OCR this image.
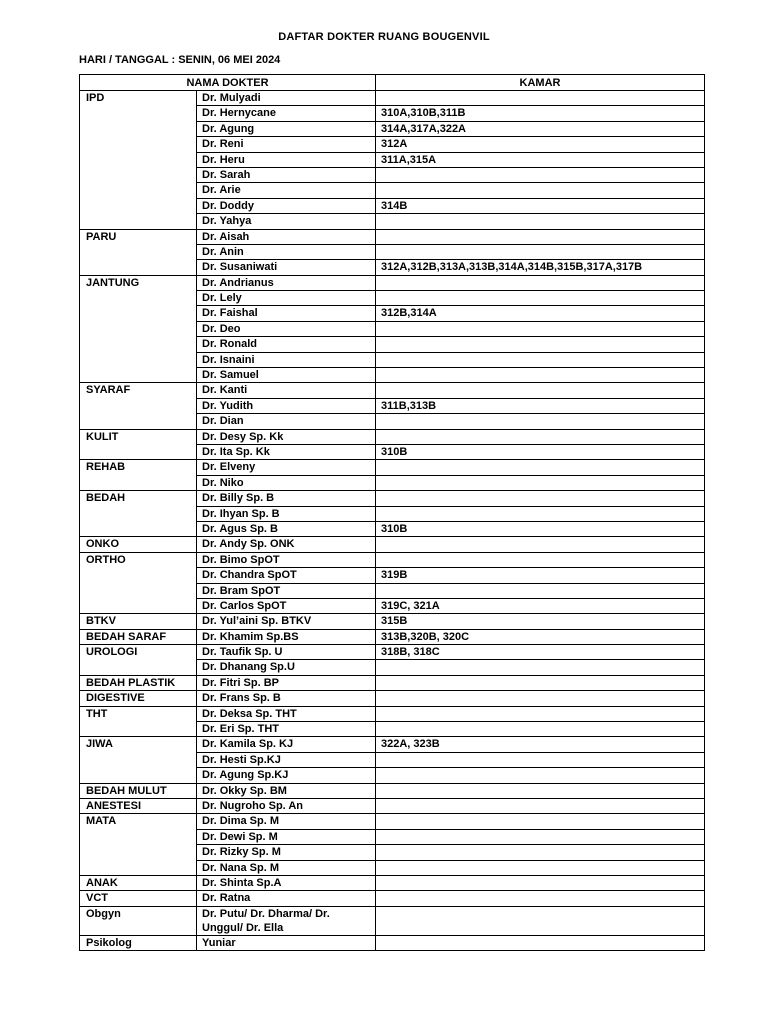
DAFTAR DOKTER RUANG BOUGENVIL
HARI / TANGGAL : SENIN, 06 MEI 2024
NAMA DOKTER		KAMAR
IPD	Dr. Mulyadi	
	Dr. Hernycane	310A,310B,311B
	Dr. Agung	314A,317A,322A
	Dr. Reni	312A
	Dr. Heru	311A,315A
	Dr. Sarah	
	Dr. Arie	
	Dr. Doddy	314B
	Dr. Yahya	
PARU	Dr. Aisah	
	Dr. Anin	
	Dr. Susaniwati	312A,312B,313A,313B,314A,314B,315B,317A,317B
JANTUNG	Dr. Andrianus	
	Dr. Lely	
	Dr. Faishal	312B,314A
	Dr. Deo	
	Dr. Ronald	
	Dr. Isnaini	
	Dr. Samuel	
SYARAF	Dr. Kanti	
	Dr. Yudith	311B,313B
	Dr. Dian	
KULIT	Dr. Desy Sp. Kk	
	Dr. Ita Sp. Kk	310B
REHAB	Dr. Elveny	
	Dr. Niko	
BEDAH	Dr. Billy Sp. B	
	Dr. Ihyan Sp. B	
	Dr. Agus Sp. B	310B
ONKO	Dr. Andy Sp. ONK	
ORTHO	Dr. Bimo SpOT	
	Dr. Chandra SpOT	319B
	Dr. Bram SpOT	
	Dr. Carlos SpOT	319C, 321A
BTKV	Dr. Yul’aini Sp. BTKV	315B
BEDAH SARAF	Dr. Khamim Sp.BS	313B,320B, 320C
UROLOGI	Dr. Taufik Sp. U	318B, 318C
	Dr. Dhanang Sp.U	
BEDAH PLASTIK	Dr. Fitri Sp. BP	
DIGESTIVE	Dr. Frans Sp. B	
THT	Dr. Deksa Sp. THT	
	Dr. Eri Sp. THT	
JIWA	Dr. Kamila Sp. KJ	322A, 323B
	Dr. Hesti Sp.KJ	
	Dr. Agung Sp.KJ	
BEDAH MULUT	Dr. Okky Sp. BM	
ANESTESI	Dr. Nugroho Sp. An	
MATA	Dr. Dima Sp. M	
	Dr. Dewi Sp. M	
	Dr. Rizky Sp. M	
	Dr. Nana Sp. M	
ANAK	Dr. Shinta Sp.A	
VCT	Dr. Ratna	
Obgyn	Dr. Putu/ Dr. Dharma/ Dr. Unggul/ Dr. Ella	
Psikolog	Yuniar	
